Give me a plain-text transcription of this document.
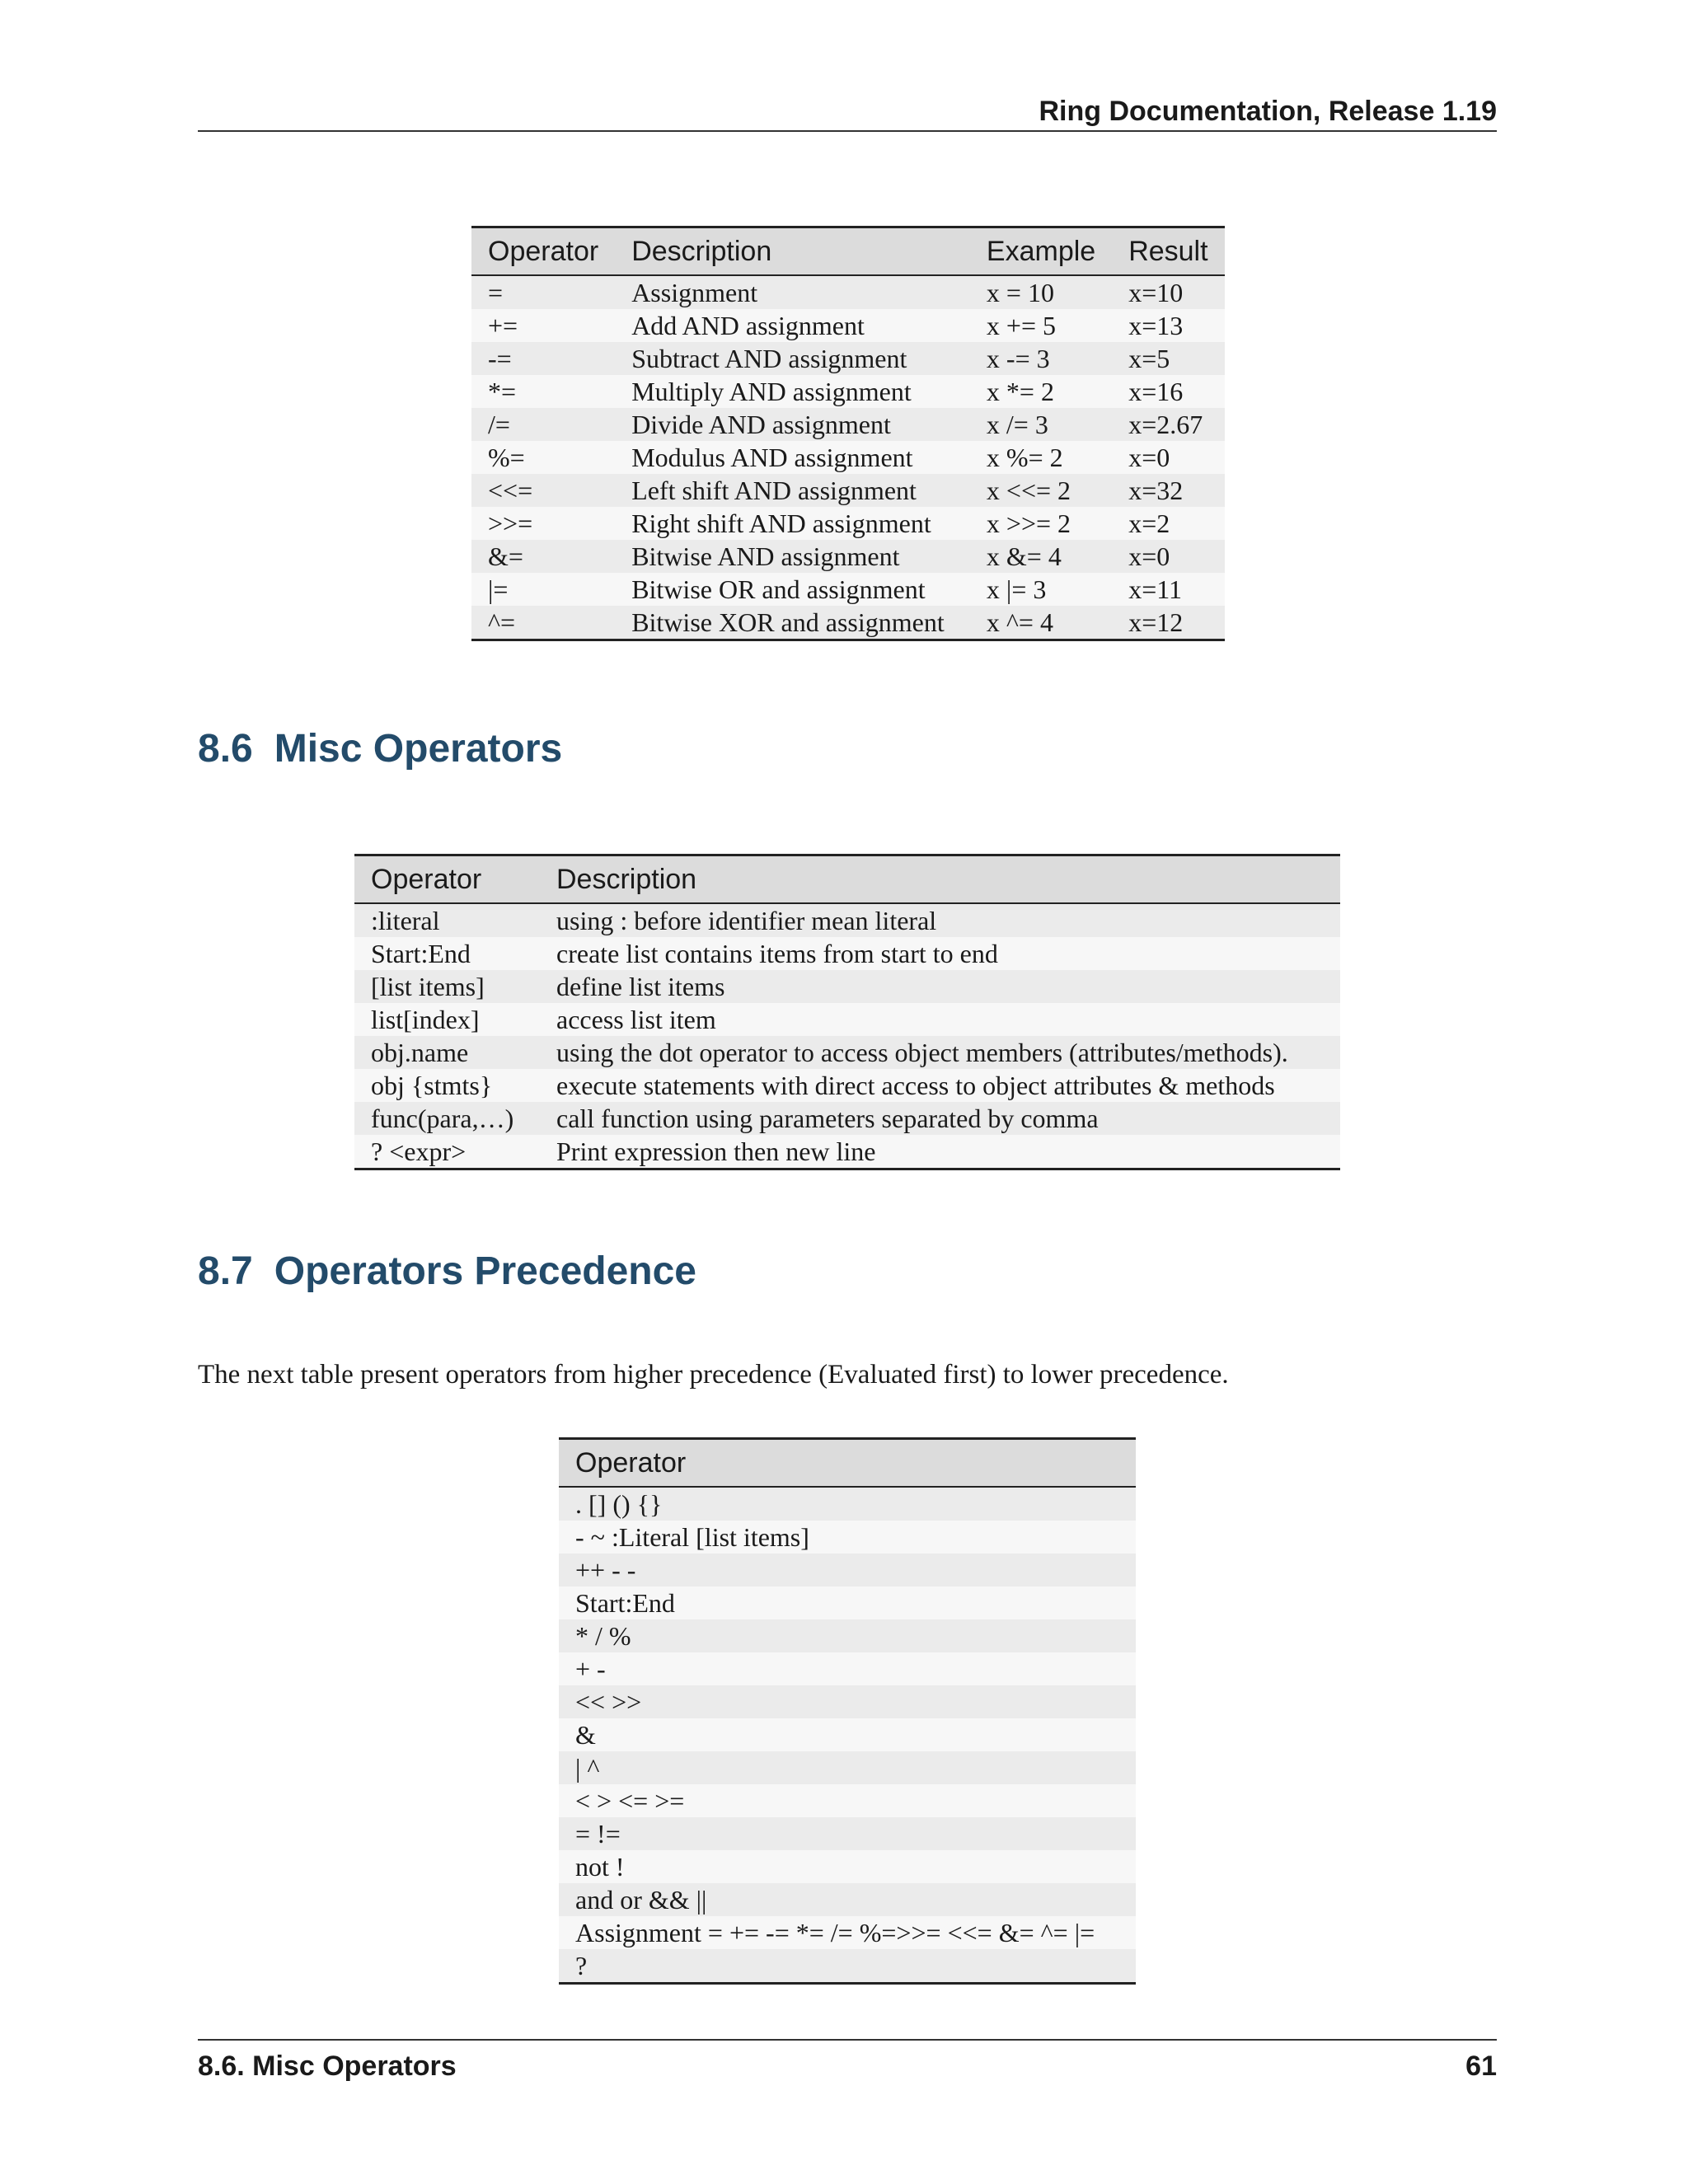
Ring Documentation, Release 1.19
Operator	Description	Example	Result
=	Assignment	x = 10	x=10
+=	Add AND assignment	x += 5	x=13
-=	Subtract AND assignment	x -= 3	x=5
*=	Multiply AND assignment	x *= 2	x=16
/=	Divide AND assignment	x /= 3	x=2.67
%=	Modulus AND assignment	x %= 2	x=0
<<=	Left shift AND assignment	x <<= 2	x=32
>>=	Right shift AND assignment	x >>= 2	x=2
&=	Bitwise AND assignment	x &= 4	x=0
|=	Bitwise OR and assignment	x |= 3	x=11
^=	Bitwise XOR and assignment	x ^= 4	x=12
8.6 Misc Operators
Operator	Description
:literal	using : before identifier mean literal
Start:End	create list contains items from start to end
[list items]	define list items
list[index]	access list item
obj.name	using the dot operator to access object members (attributes/methods).
obj {stmts}	execute statements with direct access to object attributes & methods
func(para,…)	call function using parameters separated by comma
? <expr>	Print expression then new line
8.7 Operators Precedence

The next table present operators from higher precedence (Evaluated first) to lower precedence.

Operator
. [] () {}
- ~ :Literal [list items]
++ - -
Start:End
* / %
+ -
<< >>
&
| ^
< > <= >=
= !=
not !
and or && ||
Assignment = += -= *= /= %=>>= <<= &= ^= |=
?
8.6. Misc Operators	61
